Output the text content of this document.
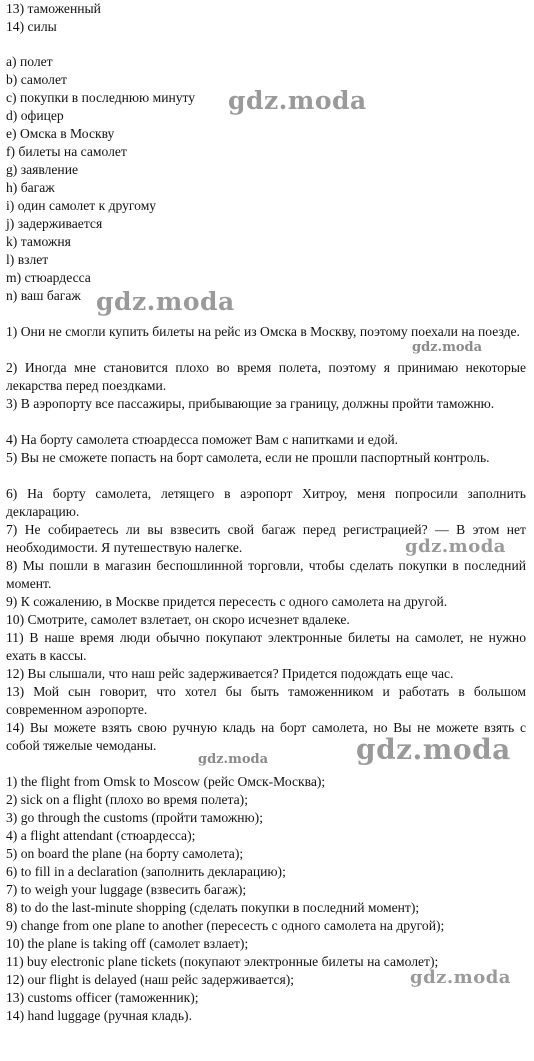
13) таможенный
14) силы
a) полет
b) самолет
c) покупки в последнюю минуту
d) офицер
e) Омска в Москву
f) билеты на самолет
g) заявление
h) багаж
i) один самолет к другому
j) задерживается
k) таможня
l) взлет
m) стюардесса
n) ваш багаж
1) Они не смогли купить билеты на рейс из Омска в Москву, поэтому поехали на поезде.
2) Иногда мне становится плохо во время полета, поэтому я принимаю некоторые лекарства перед поездками.
3) В аэропорту все пассажиры, прибывающие за границу, должны пройти таможню.
4) На борту самолета стюардесса поможет Вам с напитками и едой.
5) Вы не сможете попасть на борт самолета, если не прошли паспортный контроль.
6) На борту самолета, летящего в аэропорт Хитроу, меня попросили заполнить декларацию.
7) Не собираетесь ли вы взвесить свой багаж перед регистрацией? — В этом нет необходимости. Я путешествую налегке.
8) Мы пошли в магазин беспошлинной торговли, чтобы сделать покупки в последний момент.
9) К сожалению, в Москве придется пересесть с одного самолета на другой.
10) Смотрите, самолет взлетает, он скоро исчезнет вдалеке.
11) В наше время люди обычно покупают электронные билеты на самолет, не нужно ехать в кассы.
12) Вы слышали, что наш рейс задерживается? Придется подождать еще час.
13) Мой сын говорит, что хотел бы быть таможенником и работать в большом современном аэропорте.
14) Вы можете взять свою ручную кладь на борт самолета, но Вы не можете взять с собой тяжелые чемоданы.
1) the flight from Omsk to Moscow (рейс Омск-Москва);
2) sick on a flight (плохо во время полета);
3) go through the customs (пройти таможню);
4) a flight attendant (стюардесса);
5) on board the plane (на борту самолета);
6) to fill in a declaration (заполнить декларацию);
7) to weigh your luggage (взвесить багаж);
8) to do the last-minute shopping (сделать покупки в последний момент);
9) change from one plane to another (пересесть с одного самолета на другой);
10) the plane is taking off (самолет взлает);
11) buy electronic plane tickets (покупают электронные билеты на самолет);
12) our flight is delayed (наш рейс задерживается);
13) customs officer (таможенник);
14) hand luggage (ручная кладь).
gdz.moda
gdz.moda
gdz.moda
gdz.moda
gdz.moda
gdz.moda
gdz.moda
